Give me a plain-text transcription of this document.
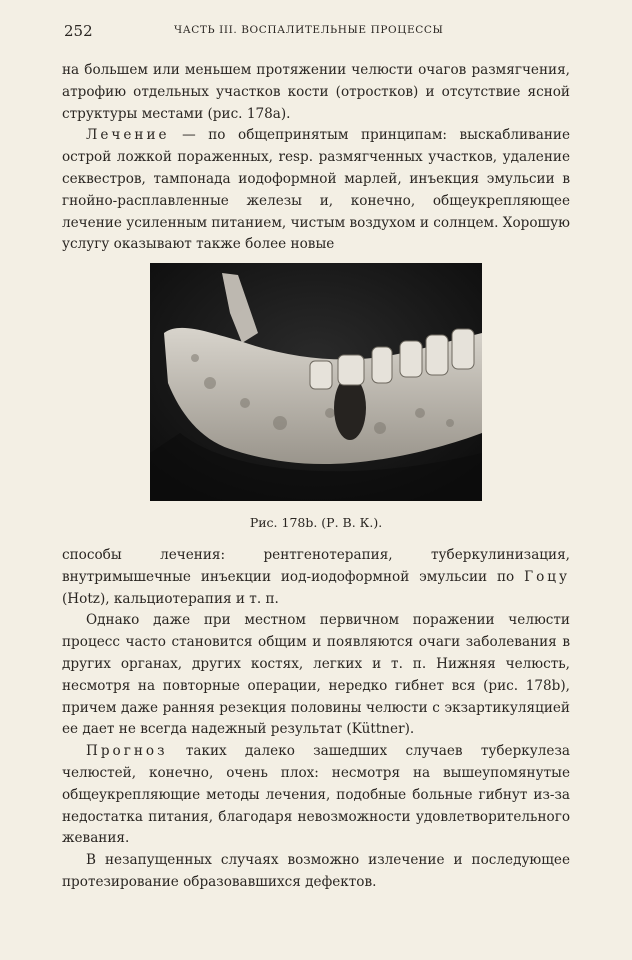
252	ЧАСТЬ III. ВОСПАЛИТЕЛЬНЫЕ ПРОЦЕССЫ

на большем или меньшем протяжении челюсти очагов размягчения, атрофию отдельных участков кости (отростков) и отсутствие ясной структуры местами (рис. 178а).

Лечение — по общепринятым принципам: выскабливание острой ложкой пораженных, resp. размягченных участков, удаление секвестров, тампонада иодоформной марлей, инъекция эмульсии в гнойно-расплавленные железы и, конечно, общеукрепляющее лечение усиленным питанием, чистым воздухом и солнцем. Хорошую услугу оказывают также более новые

Рис. 178b. (Р. В. К.).

способы лечения: рентгенотерапия, туберкулинизация, внутримышечные инъекции иод-иодоформной эмульсии по Гоцу (Hotz), кальциотерапия и т. п.

Однако даже при местном первичном поражении челюсти процесс часто становится общим и появляются очаги заболевания в других органах, других костях, легких и т. п. Нижняя челюсть, несмотря на повторные операции, нередко гибнет вся (рис. 178b), причем даже ранняя резекция половины челюсти с экзартикуляцией ее дает не всегда надежный результат (Küttner).

Прогноз таких далеко зашедших случаев туберкулеза челюстей, конечно, очень плох: несмотря на вышеупомянутые общеукрепляющие методы лечения, подобные больные гибнут из-за недостатка питания, благодаря невозможности удовлетворительного жевания.

В незапущенных случаях возможно излечение и последующее протезирование образовавшихся дефектов.
